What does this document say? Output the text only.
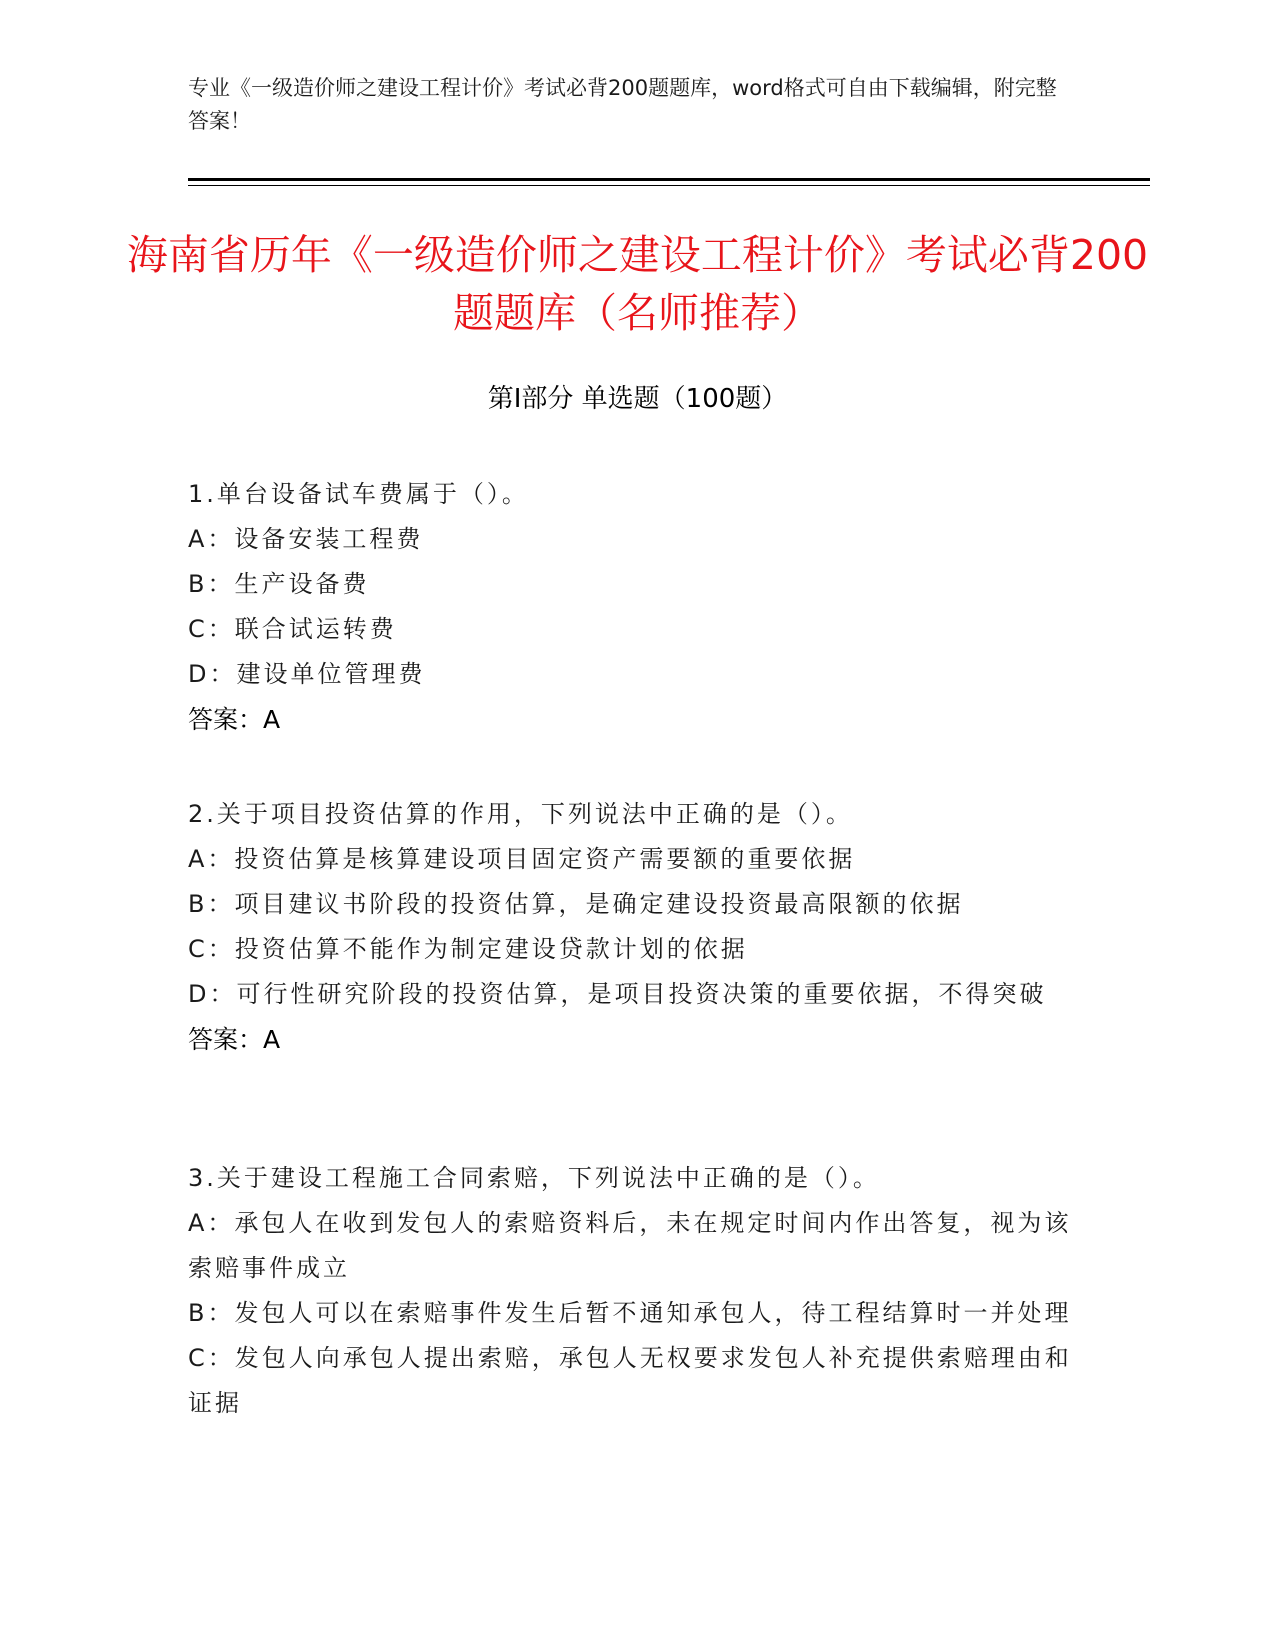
专业《一级造价师之建设工程计价》考试必背200题题库，word格式可自由下载编辑，附完整答案！
海南省历年《一级造价师之建设工程计价》考试必背200题题库（名师推荐）
第I部分 单选题（100题）
1.单台设备试车费属于（）。
A：设备安装工程费
B：生产设备费
C：联合试运转费
D：建设单位管理费
答案：A
2.关于项目投资估算的作用，下列说法中正确的是（）。
A：投资估算是核算建设项目固定资产需要额的重要依据
B：项目建议书阶段的投资估算，是确定建设投资最高限额的依据
C：投资估算不能作为制定建设贷款计划的依据
D：可行性研究阶段的投资估算，是项目投资决策的重要依据，不得突破
答案：A
3.关于建设工程施工合同索赔，下列说法中正确的是（）。
A：承包人在收到发包人的索赔资料后，未在规定时间内作出答复，视为该索赔事件成立
B：发包人可以在索赔事件发生后暂不通知承包人，待工程结算时一并处理
C：发包人向承包人提出索赔，承包人无权要求发包人补充提供索赔理由和证据
